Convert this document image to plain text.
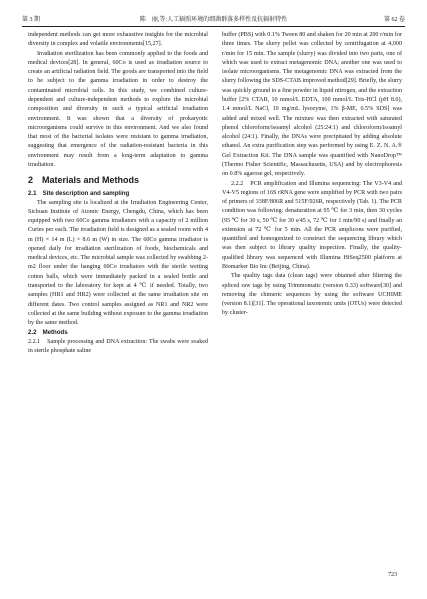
第 3 期	陈　丽,等:人工辐照环境的细菌群落多样性及抗辐射特性	第 62 卷

independent methods can get more exhaustive insights for the microbial diversity in complex and volatile environments[15,27].

Irradiation sterilization has been commonly applied to the foods and medical devices[28]. In general, 60Co is used as irradiation source to create an artificial radiation field. The goods are transported into the field to be subject to the gamma irradiation in order to destroy the contaminated microbial cells. In this study, we combined culture-dependent and culture-independent methods to explore the microbial composition and diversity in such a typical artificial irradiation environment. It was shown that a diversity of prokaryotic microorganisms could survive in this environment. And we also found that most of the bacterial isolates were resistant to gamma irradiation, suggesting that emergence of the radiation-resistant bacteria in this environment may result from a long-term adaptation to gamma irradiation.

2　Materials and Methods
2.1　Site description and sampling

The sampling site is localized at the Irradiation Engineering Center, Sichuan Institute of Atomic Energy, Chengdu, China, which has been equipped with two 60Co gamma irradiators with a capacity of 2 million Curies per each. The irradiation field is designed as a sealed room with 4 m (H) × 14 m (L) × 8.6 m (W) in size. The 60Co gamma irradiator is opened daily for irradiation sterilization of foods, biochemicals and medical devices, etc. The microbial sample was collected by swabbing 2-m2 floor under the hanging 60Co irradiators with the sterile wetting cotton balls, which were immediately packed in a sealed bottle and transported to the laboratory for kept at 4 ℃ if needed. Totally, two samples (HR1 and HR2) were collected at the same irradiation site on different dates. Two control samples assigned as NR1 and NR2 were collected at the same building without exposure to the gamma irradiation by the same method.

2.2　Methods

2.2.1　Sample processing and DNA extraction: The swabs were soaked in sterile phosphate saline

buffer (PBS) with 0.1% Tween 80 and shaken for 20 min at 200 r/min for three times. The slurry pellet was collected by centrifugation at 4,000 r/min for 15 min. The sample (slurry) was divided into two parts, one of which was used to extract metagenomic DNA; another one was used to isolate microorganisms. The metagenomic DNA was extracted from the slurry following the SDS-CTAB improved method[29]. Briefly, the slurry was quickly ground to a fine powder in liquid nitrogen, and the extraction buffer [2% CTAB, 10 mmol/L EDTA, 100 mmol/L Tris-HCl (pH 8.0), 1.4 mmol/L NaCl, 10 mg/mL lysozyme, 1% β-ME, 0.5% SDS] was added and mixed well. The mixture was then extracted with saturated phenol chloroform/isoamyl alcohol (25:24:1) and chloroform/isoamyl alcohol (24:1). Finally, the DNAs were precipitated by adding absolute ethanol. An extra purification step was performed by using E. Z. N. A.® Gel Extraction Kit. The DNA sample was quantified with NanoDrop™ (Thermo Fisher Scientific, Massachusetts, USA) and by electrophoresis on 0.8% agarose gel, respectively.

2.2.2　PCR amplification and Illumina sequencing: The V3-V4 and V4-V5 regions of 16S rRNA gene were amplified by PCR with two pairs of primers of 338F/806R and 515F/926R, respectively (Tab. 1). The PCR condition was following: denaturation at 95 ℃ for 3 min, then 30 cycles (95 ℃ for 30 s, 50 ℃ for 30 s/45 s, 72 ℃ for 1 min/90 s) and finally an extension at 72 ℃ for 5 min. All the PCR amplicons were purified, quantified and homogenized to construct the sequencing library which was then subject to library quality inspection. Finally, the quality-qualified library was sequenced with Illumina HiSeq2500 platform at Biomarker Bio Inc (Beijing, China).

The quality tags data (clean tags) were obtained after filtering the spliced raw tags by using Trimmomatic (version 0.33) software[30] and removing the chimeric sequences by using the software UCHIME (version 8.1)[31]. The operational taxonomic units (OTUs) were detected by cluster-

723
